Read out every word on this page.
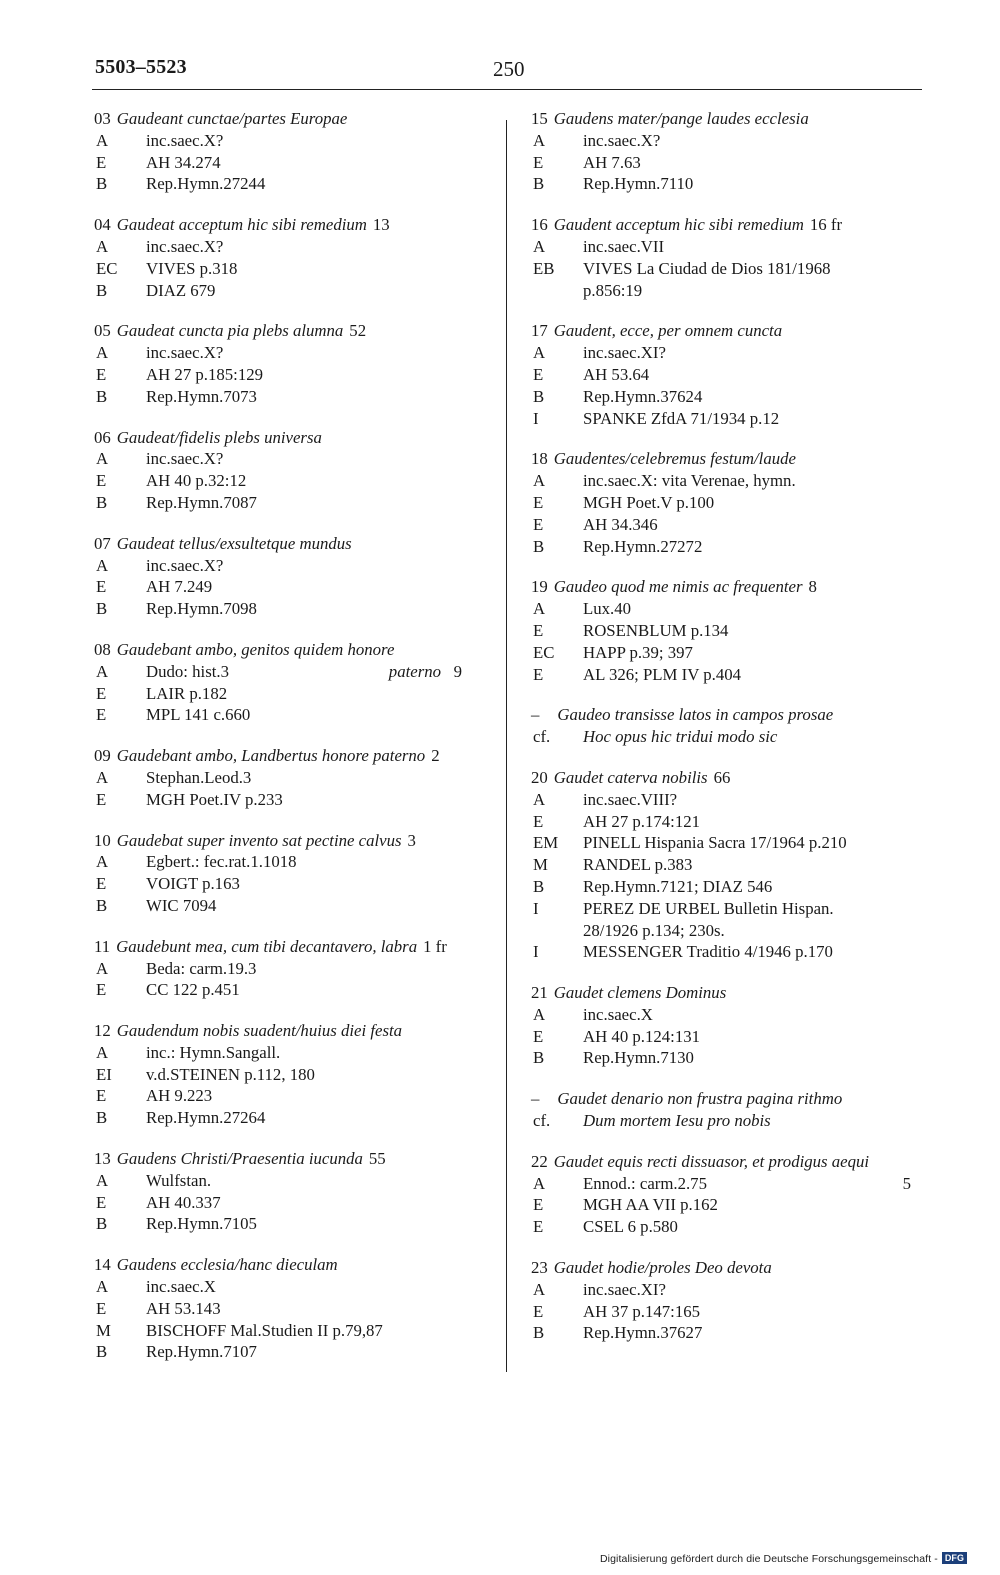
5503–5523	250
03 Gaudeant cunctae/partes Europae
A	inc.saec.X?
E	AH 34.274
B	Rep.Hymn.27244
04 Gaudeat acceptum hic sibi remedium 13
A	inc.saec.X?
EC	VIVES p.318
B	DIAZ 679
05 Gaudeat cuncta pia plebs alumna 52
A	inc.saec.X?
E	AH 27 p.185:129
B	Rep.Hymn.7073
06 Gaudeat/fidelis plebs universa
A	inc.saec.X?
E	AH 40 p.32:12
B	Rep.Hymn.7087
07 Gaudeat tellus/exsultetque mundus
A	inc.saec.X?
E	AH 7.249
B	Rep.Hymn.7098
08 Gaudebant ambo, genitos quidem honore
A	Dudo: hist.3	paterno 9
E	LAIR p.182
E	MPL 141 c.660
09 Gaudebant ambo, Landbertus honore paterno 2
A	Stephan.Leod.3
E	MGH Poet.IV p.233
10 Gaudebat super invento sat pectine calvus 3
A	Egbert.: fec.rat.1.1018
E	VOIGT p.163
B	WIC 7094
11 Gaudebunt mea, cum tibi decantavero, labra 1 fr
A	Beda: carm.19.3
E	CC 122 p.451
12 Gaudendum nobis suadent/huius diei festa
A	inc.: Hymn.Sangall.
EI	v.d.STEINEN p.112, 180
E	AH 9.223
B	Rep.Hymn.27264
13 Gaudens Christi/Praesentia iucunda 55
A	Wulfstan.
E	AH 40.337
B	Rep.Hymn.7105
14 Gaudens ecclesia/hanc dieculam
A	inc.saec.X
E	AH 53.143
M	BISCHOFF Mal.Studien II p.79,87
B	Rep.Hymn.7107
15 Gaudens mater/pange laudes ecclesia
A	inc.saec.X?
E	AH 7.63
B	Rep.Hymn.7110
16 Gaudent acceptum hic sibi remedium 16 fr
A	inc.saec.VII
EB	VIVES La Ciudad de Dios 181/1968
p.856:19
17 Gaudent, ecce, per omnem cuncta
A	inc.saec.XI?
E	AH 53.64
B	Rep.Hymn.37624
I	SPANKE ZfdA 71/1934 p.12
18 Gaudentes/celebremus festum/laude
A	inc.saec.X: vita Verenae, hymn.
E	MGH Poet.V p.100
E	AH 34.346
B	Rep.Hymn.27272
19 Gaudeo quod me nimis ac frequenter 8
A	Lux.40
E	ROSENBLUM p.134
EC	HAPP p.39; 397
E	AL 326; PLM IV p.404
– Gaudeo transisse latos in campos prosae
cf.	Hoc opus hic tridui modo sic
20 Gaudet caterva nobilis 66
A	inc.saec.VIII?
E	AH 27 p.174:121
EM	PINELL Hispania Sacra 17/1964 p.210
M	RANDEL p.383
B	Rep.Hymn.7121; DIAZ 546
I	PEREZ DE URBEL Bulletin Hispan.
28/1926 p.134; 230s.
I	MESSENGER Traditio 4/1946 p.170
21 Gaudet clemens Dominus
A	inc.saec.X
E	AH 40 p.124:131
B	Rep.Hymn.7130
– Gaudet denario non frustra pagina rithmo
cf.	Dum mortem Iesu pro nobis
22 Gaudet equis recti dissuasor, et prodigus aequi
A	Ennod.: carm.2.75	5
E	MGH AA VII p.162
E	CSEL 6 p.580
23 Gaudet hodie/proles Deo devota
A	inc.saec.XI?
E	AH 37 p.147:165
B	Rep.Hymn.37627
Digitalisierung gefördert durch die Deutsche Forschungsgemeinschaft - DFG
